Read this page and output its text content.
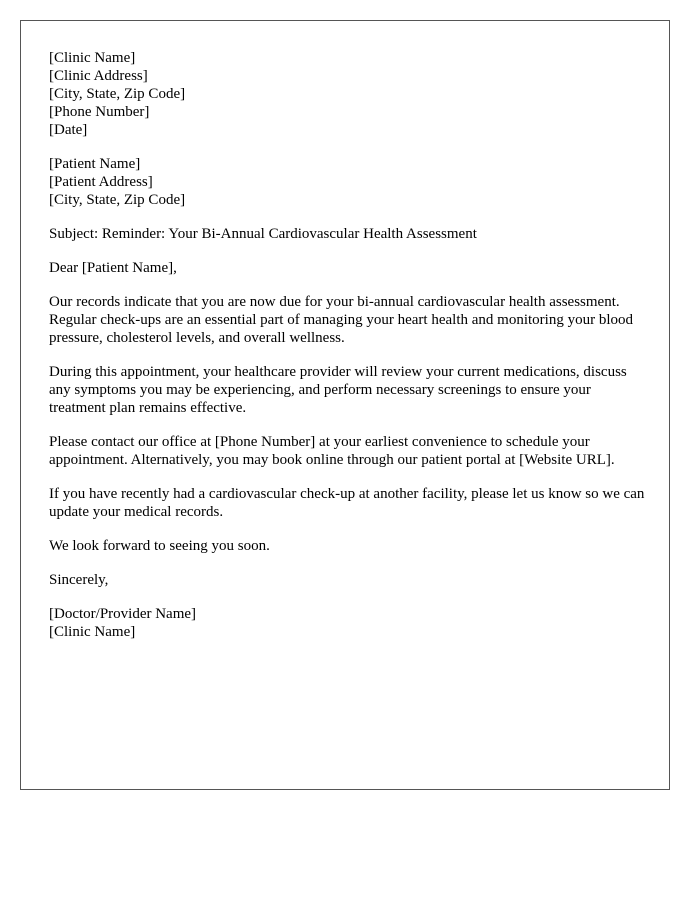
[Clinic Name]
[Clinic Address]
[City, State, Zip Code]
[Phone Number]
[Date]
[Patient Name]
[Patient Address]
[City, State, Zip Code]

Subject: Reminder: Your Bi-Annual Cardiovascular Health Assessment

Dear [Patient Name],

Our records indicate that you are now due for your bi-annual cardiovascular health assessment. Regular check-ups are an essential part of managing your heart health and monitoring your blood pressure, cholesterol levels, and overall wellness.

During this appointment, your healthcare provider will review your current medications, discuss any symptoms you may be experiencing, and perform necessary screenings to ensure your treatment plan remains effective.

Please contact our office at [Phone Number] at your earliest convenience to schedule your appointment. Alternatively, you may book online through our patient portal at [Website URL].

If you have recently had a cardiovascular check-up at another facility, please let us know so we can update your medical records.

We look forward to seeing you soon.

Sincerely,

[Doctor/Provider Name]
[Clinic Name]
